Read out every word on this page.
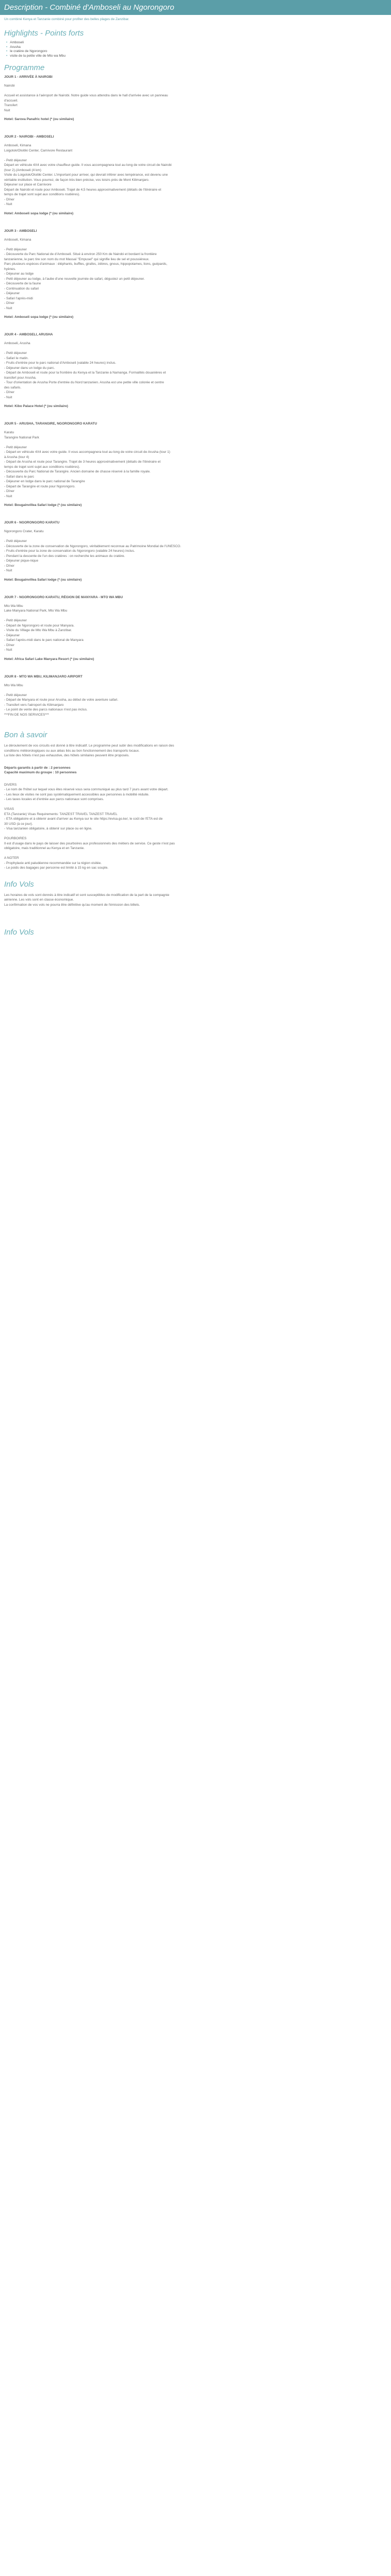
Description - Combiné d'Amboseli au Ngorongoro
Un combiné Kenya et Tanzanie combiné pour profiter des belles plages de Zanzibar.
Highlights - Points forts
• Amboseli
• Arusha
• le cratère de Ngorongoro
• visite de la petite ville de Mto wa Mbu
Programme
JOUR 1 - ARRIVÉE À NAIROBI
Nairobi

Accueil et assistance à l'aéroport de Nairobi. Notre guide vous attendra dans le hall d'arrivée avec un panneau
d'accueil.
Transfert
Nuit
Hotel: Sarova Panafric hotel (* (ou similaire)
JOUR 2 - NAIROBI - AMBOSELI
Amboseli, Kimana
Loigotok/Oloitiki Center, Carnivore Restaurant

- Petit déjeuner
Départ en véhicule 4X4 avec votre chauffeur-guide. Il vous accompagnera tout au long de votre circuit de Nairobi
(tour 2).(Amboseli (4 km)
Visite du Loigotok/Oloitiki Center. L'important pour arriver, qui devrait inférer avec tempérance, est devenu une
véritable institution. Vous pourrez, de façon très bien précise, vos loisirs près de Mont Kilimanjaro.
Déjeuner sur place et Carnivore
Départ de Nairobi et route pour Amboseli. Trajet de 4,5 heures approximativement (détails de l'itinéraire et
temps de trajet sont sujet aux conditions routières).
- Dîner
- Nuit
Hotel: Amboseli sopa lodge (* (ou similaire)
JOUR 3 - AMBOSELI
Amboseli, Kimana

- Petit déjeuner
- Découverte du Parc National de d'Amboseli. Situé à environ 250 Km de Nairobi et bordant la frontière
tanzanienne, le parc tire son nom du mot Massaï "Empusel" qui signifie lieu de sel et poussiéreux.
Parc plusieurs espèces d'animaux : éléphants, buffles, girafes, zèbres, gnous, hippopotames, lions, guépards,
hyènes.
- Déjeuner au lodge
- Petit déjeuner au lodge, à l'aube d'une nouvelle journée de safari, dégustez un petit déjeuner.
- Découverte de la faune
- Continuation du safari
- Déjeuner
- Safari l'après-midi
- Dîner
- Nuit
Hotel: Amboseli sopa lodge (* (ou similaire)
JOUR 4 - AMBOSELI, ARUSHA
Amboseli, Arusha

- Petit déjeuner
- Safari le matin.
- Fruits d'entrée pour le parc national d'Amboseli (valable 24 heures) inclus.
- Déjeuner dans un lodge du parc.
- Départ de Amboseli et route pour la frontière du Kenya et la Tanzanie à Namanga. Formalités douanières et
transfert pour Arusha.
- Tour d'orientation de Arusha Porte d'entrée du Nord tanzanien. Arusha est une petite ville colorée et centre
des safaris.
- Dîner
- Nuit
Hotel: Kibo Palace Hotel (* (ou similaire)
JOUR 5 - ARUSHA, TARANGIRE, NGORONGORO KARATU
Karatu
Tarangire National Park

- Petit déjeuner
- Départ en véhicule 4X4 avec votre guide. Il vous accompagnera tout au long de votre circuit de Arusha (tour 1)
à Arusha (tour 4)
- Départ de Arusha et route pour Tarangire. Trajet de 3 heures approximativement (détails de l'itinéraire et
temps de trajet sont sujet aux conditions routières).
- Découverte du Parc National de Tarangire. Ancien domaine de chasse réservé à la famille royale.
- Safari dans le parc
- Déjeuner en lodge dans le parc national de Tarangire
- Départ de Tarangire et route pour Ngorongoro.
- Dîner
- Nuit
Hotel: Bougainvillea Safari lodge (* (ou similaire)
JOUR 6 - NGORONGORO KARATU
Ngorongoro Crater, Karatu

- Petit déjeuner
- Découverte de la zone de conservation de Ngorongoro, véritablement reconnue au Patrimoine Mondial de l'UNESCO.
- Fruits d'entrée pour la zone de conservation du Ngorongoro (valable 24 heures) inclus.
- Pendant la descente de l'un des cratères : on recherche les animaux du cratère.
- Déjeuner pique-nique
- Dîner
- Nuit
Hotel: Bougainvillea Safari lodge (* (ou similaire)
JOUR 7 - NGORONGORO KARATU, RÉGION DE MANYARA - MTO WA MBU
Mto Wa Mbu
Lake Manyara National Park, Mto Wa Mbu

- Petit déjeuner
- Départ de Ngorongoro et route pour Manyara.
- Visite du Village de Mto Wa Mbu à Zanzibar.
- Déjeuner
- Safari l'après-midi dans le parc national de Manyara
- Dîner
- Nuit
Hotel: Africa Safari Lake Manyara Resort (* (ou similaire)
JOUR 8 - MTO WA MBU, KILIMANJARO AIRPORT
Mto Wa Mbu

- Petit déjeuner
- Départ de Manyara et route pour Arusha, au début de votre aventure safari.
- Transfert vers l'aéroport du Kilimanjaro
- Le point de vente des parcs nationaux n'est pas inclus.
***FIN DE NOS SERVICES***
Bon à savoir
Le déroulement de vos circuits est donné à titre indicatif. Le programme peut subir des modifications en raison des
conditions météorologiques ou aux aléas liés au bon fonctionnement des transports locaux.
La liste des hôtels n'est pas exhaustive, des hôtels similaires peuvent être proposés.
Départs garantis à partir de : 2 personnes
Capacité maximum du groupe : 10 personnes
DIVERS
- Le nom de l'hôtel sur lequel vous êtes réservé vous sera communiqué au plus tard 7 jours avant votre départ.
- Les lieux de visites ne sont pas systématiquement accessibles aux personnes à mobilité réduite.
- Les taxes locales et d'entrée aux parcs nationaux sont comprises.

VISAS
ETA (Tanzanie) Visas Requirements: TANZEST TRAVEL TANZEST TRAVEL
- ETA obligatoire et à obtenir avant d'arriver au Kenya sur le site https://evisa.go.ke/, le coût de l'ETA est de
30 USD (à ce jour).
- Visa tanzanien obligatoire, à obtenir sur place ou en ligne.

POURBOIRES
Il est d'usage dans le pays de laisser des pourboires aux professionnels des métiers de service. Ce geste n'est pas
obligatoire, mais traditionnel au Kenya et en Tanzanie.

A NOTER
- Prophylaxie anti paludéenne recommandée sur la région visitée.
- Le poids des bagages par personne est limité à 15 kg en sac souple.
Info Vols
Les horaires de vols sont donnés à titre indicatif et sont susceptibles de modification de la part de la compagnie
aérienne. Les vols sont en classe économique.
La confirmation de vos vols ne pourra être définitive qu'au moment de l'émission des billets.
Info Vols
